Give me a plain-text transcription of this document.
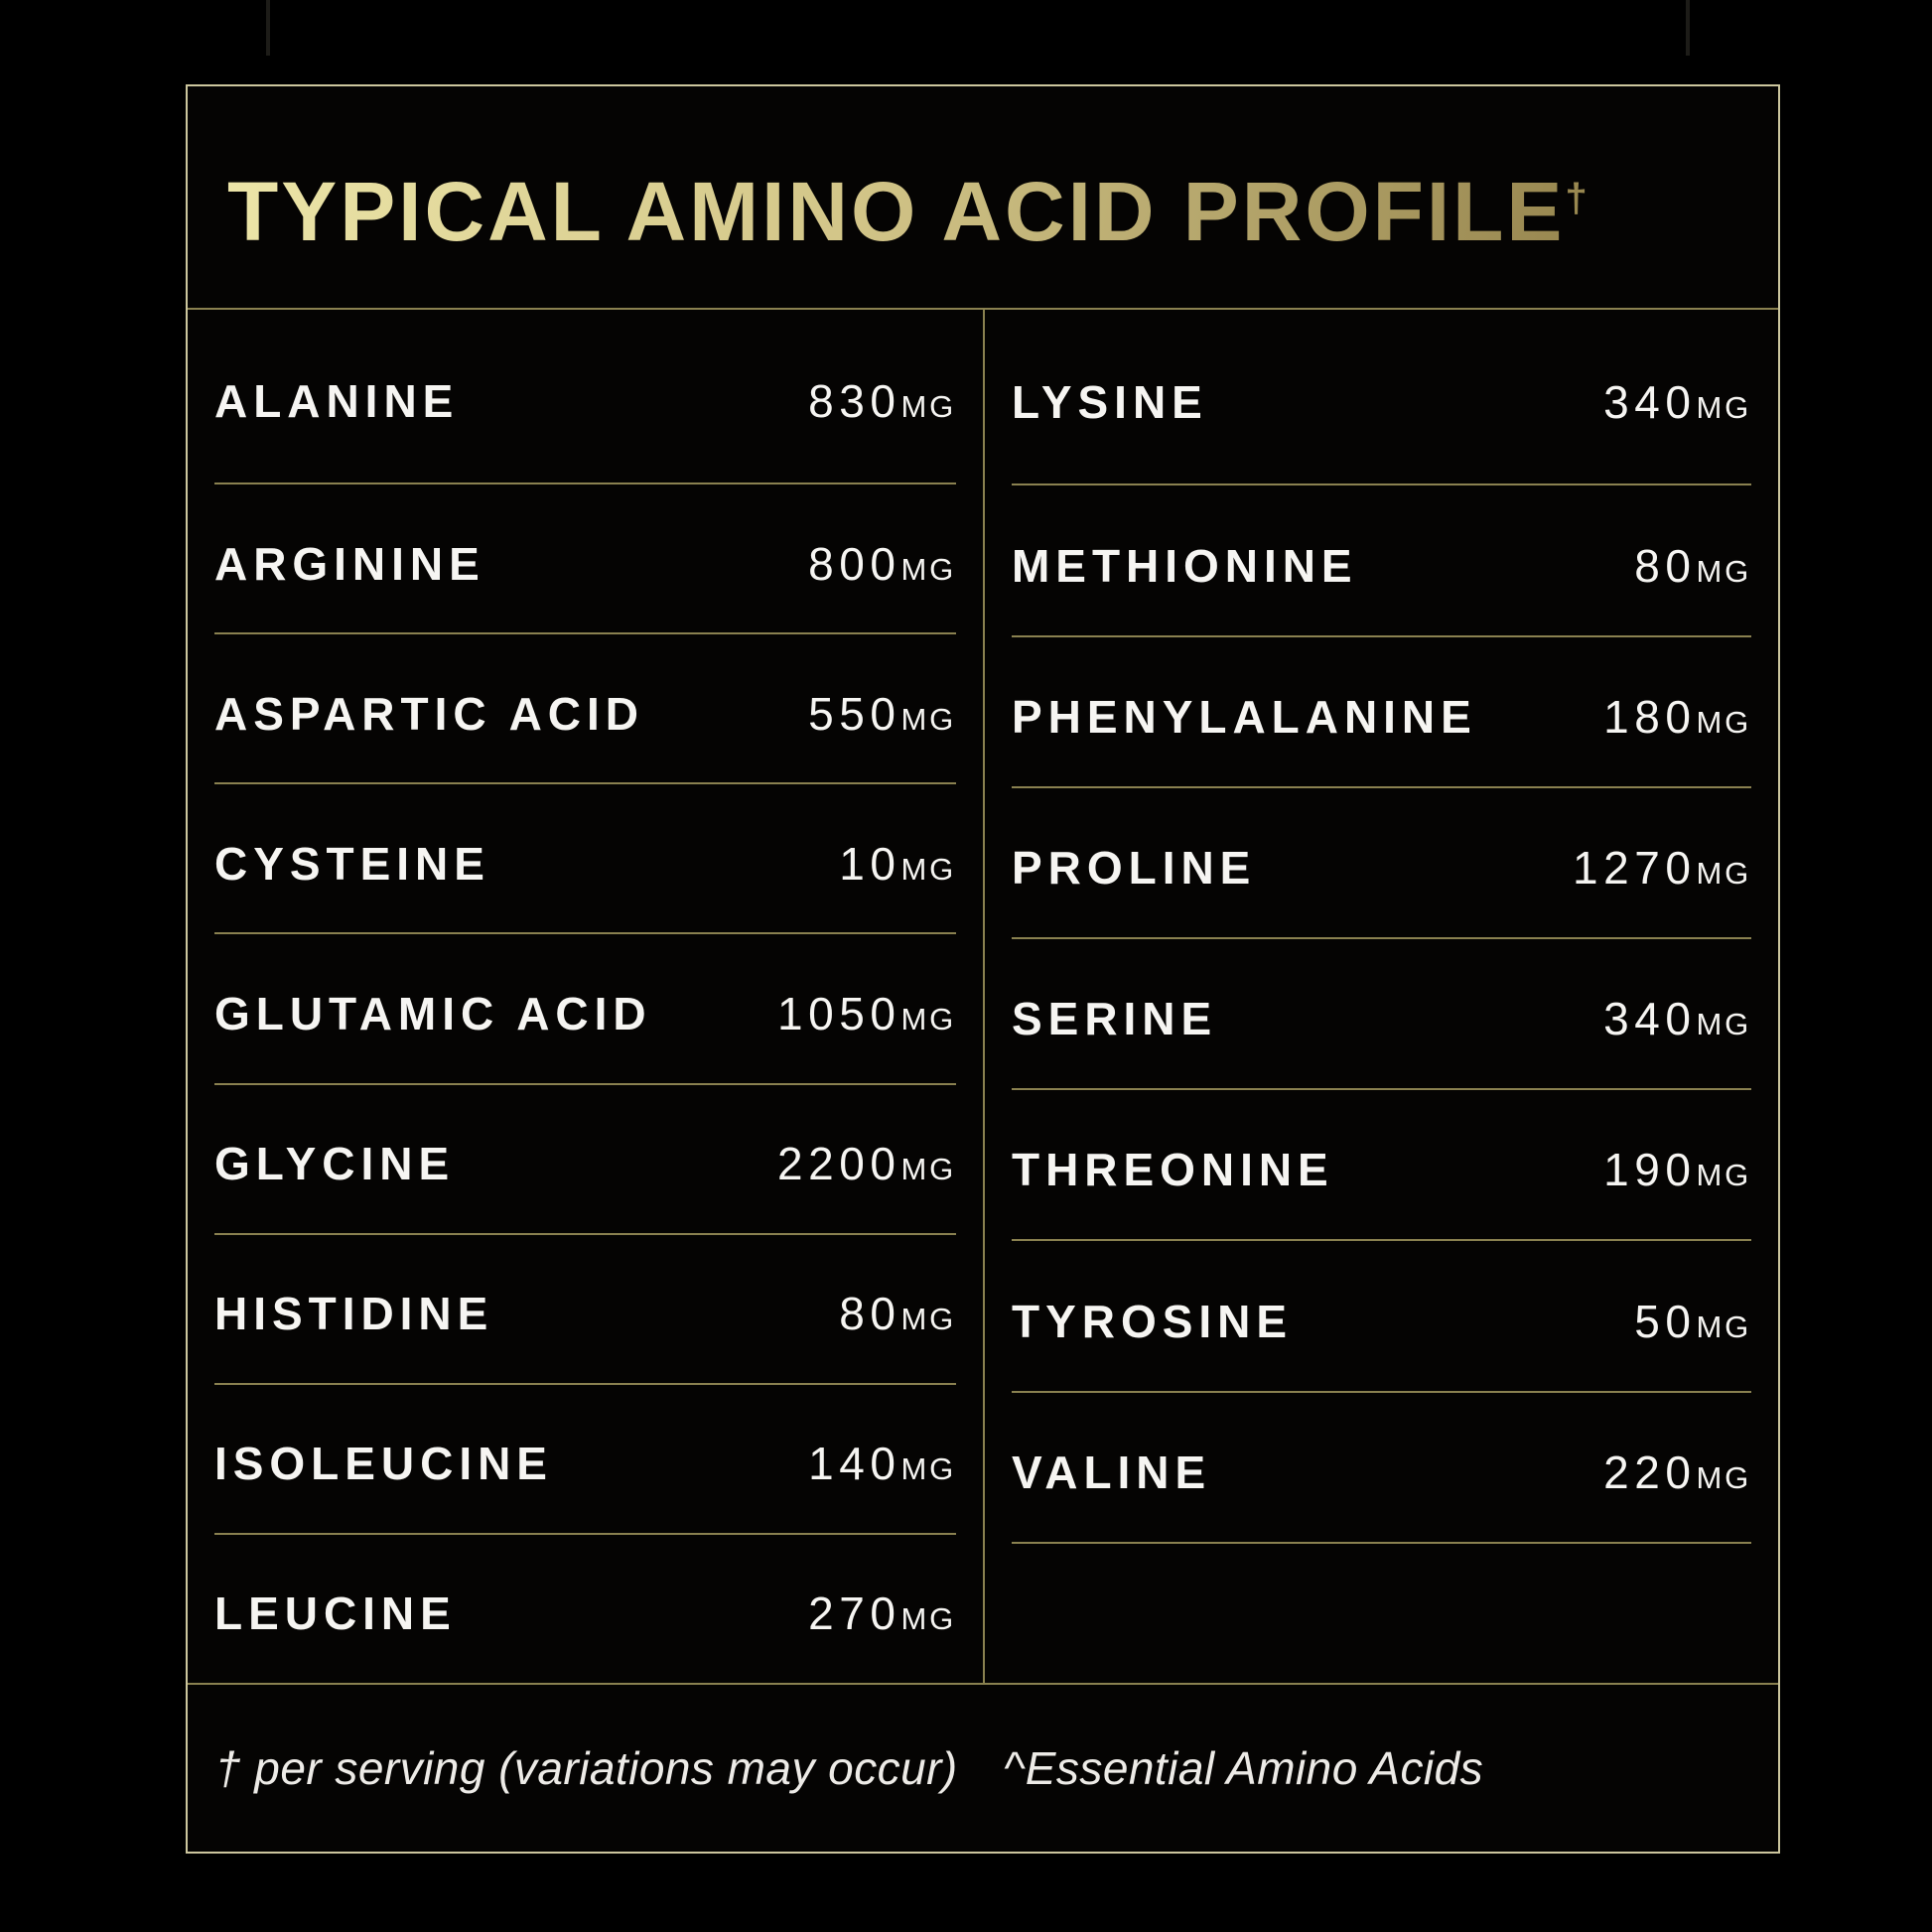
TYPICAL AMINO ACID PROFILE†
ALANINE	830 MG
ARGININE	800 MG
ASPARTIC ACID	550 MG
CYSTEINE	10 MG
GLUTAMIC ACID	1050 MG
GLYCINE	2200 MG
HISTIDINE	80 MG
ISOLEUCINE	140 MG
LEUCINE	270 MG
LYSINE	340 MG
METHIONINE	80 MG
PHENYLALANINE	180 MG
PROLINE	1270 MG
SERINE	340 MG
THREONINE	190 MG
TYROSINE	50 MG
VALINE	220 MG
† per serving (variations may occur) ^Essential Amino Acids
